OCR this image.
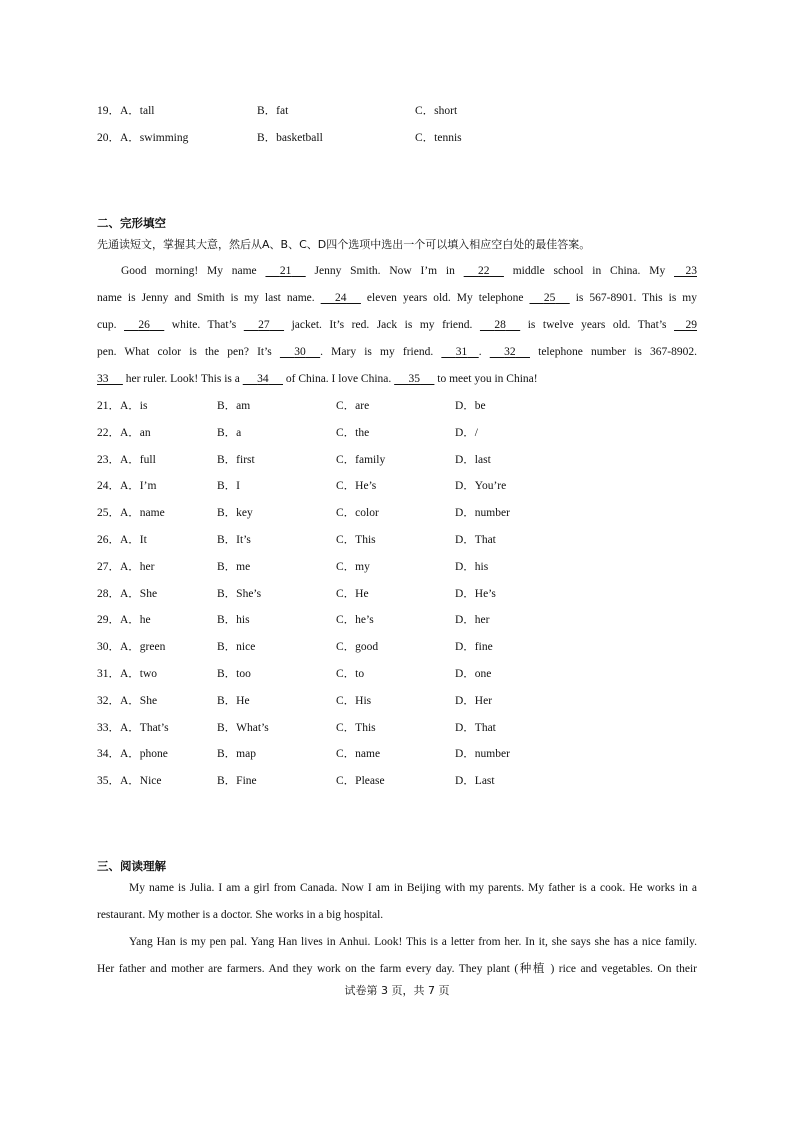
19．A．tall	B．fat	C．short
20．A．swimming	B．basketball	C．tennis
二、完形填空
先通读短文，掌握其大意，然后从A、B、C、D四个选项中选出一个可以填入相应空白处的最佳答案。
Good morning! My name      21      Jenny Smith. Now I’m in      22      middle school in China. My     23
name is Jenny and Smith is my last name.      24      eleven years old. My telephone      25      is 567-8901. This is my
cup.      26      white. That’s      27      jacket. It’s red. Jack is my friend.      28      is twelve years old. That’s     29
pen. What color is the pen? It’s      30 . Mary is my friend.      31 .      32      telephone number is 367-8902.
33      her ruler. Look! This is a      34      of China. I love China.      35      to meet you in China!
21．A．is	B．am	C．are	D．be
22．A．an	B．a	C．the	D．/
23．A．full	B．first	C．family	D．last
24．A．I’m	B．I	C．He’s	D．You’re
25．A．name	B．key	C．color	D．number
26．A．It	B．It’s	C．This	D．That
27．A．her	B．me	C．my	D．his
28．A．She	B．She’s	C．He	D．He’s
29．A．he	B．his	C．he’s	D．her
30．A．green	B．nice	C．good	D．fine
31．A．two	B．too	C．to	D．one
32．A．She	B．He	C．His	D．Her
33．A．That’s	B．What’s	C．This	D．That
34．A．phone	B．map	C．name	D．number
35．A．Nice	B．Fine	C．Please	D．Last
三、阅读理解
My name is Julia. I am a girl from Canada. Now I am in Beijing with my parents. My father is a cook. He works in a
restaurant. My mother is a doctor. She works in a big hospital.
Yang Han is my pen pal. Yang Han lives in Anhui. Look! This is a letter from her. In it, she says she has a nice family.
Her father and mother are farmers. And they work on the farm every day. They plant (种植 ) rice and vegetables. On their
试卷第 3 页，共 7 页
